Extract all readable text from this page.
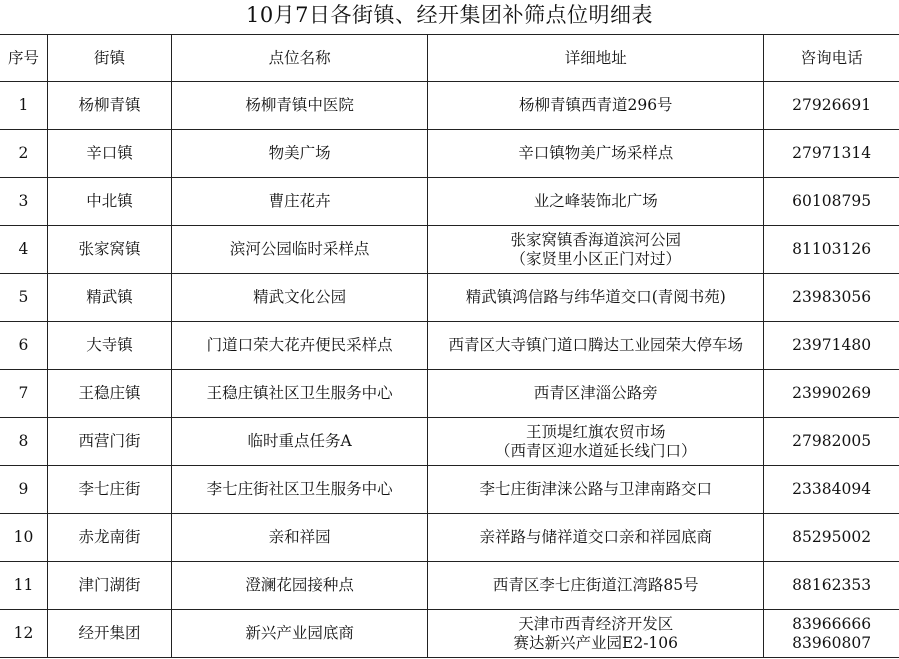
10月7日各街镇、经开集团补筛点位明细表
序号	街镇	点位名称	详细地址	咨询电话

1	杨柳青镇	杨柳青镇中医院	杨柳青镇西青道296号	27926691

2	辛口镇	物美广场	辛口镇物美广场采样点	27971314

3	中北镇	曹庄花卉	业之峰装饰北广场	60108795

4	张家窝镇	滨河公园临时采样点	张家窝镇香海道滨河公园
（家贤里小区正门对过）	81103126

5	精武镇	精武文化公园	精武镇鸿信路与纬华道交口(青阅书苑)	23983056

6	大寺镇	门道口荣大花卉便民采样点	西青区大寺镇门道口腾达工业园荣大停车场	23971480

7	王稳庄镇	王稳庄镇社区卫生服务中心	西青区津淄公路旁	23990269

8	西营门街	临时重点任务A	王顶堤红旗农贸市场
（西青区迎水道延长线门口）	27982005

9	李七庄街	李七庄街社区卫生服务中心	李七庄街津涞公路与卫津南路交口	23384094

10	赤龙南街	亲和祥园	亲祥路与储祥道交口亲和祥园底商	85295002

11	津门湖街	澄澜花园接种点	西青区李七庄街道江湾路85号	88162353

12	经开集团	新兴产业园底商	天津市西青经济开发区
赛达新兴产业园E2-106	83966666
83960807
